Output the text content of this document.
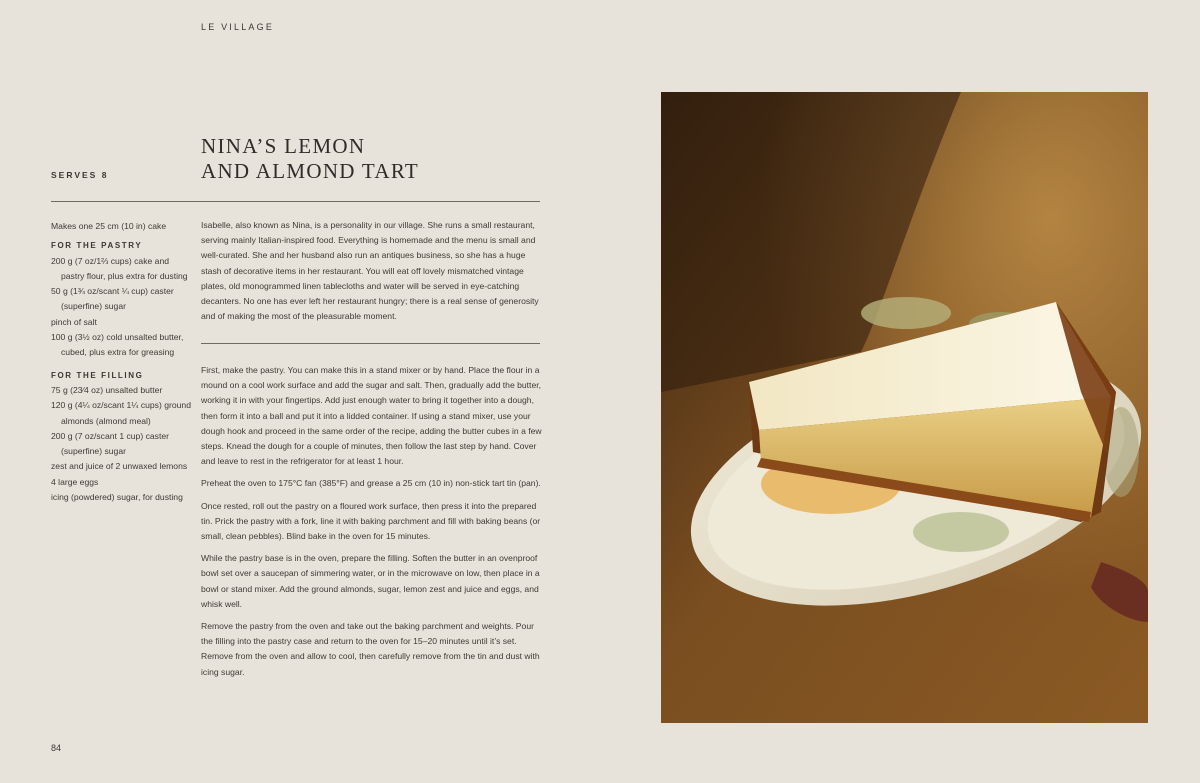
LE VILLAGE
SERVES 8
NINA’S LEMON
AND ALMOND TART
Makes one 25 cm (10 in) cake
FOR THE PASTRY
200 g (7 oz/1⅔ cups) cake and pastry flour, plus extra for dusting
50 g (1¾ oz/scant ¼ cup) caster (superfine) sugar
pinch of salt
100 g (3½ oz) cold unsalted butter, cubed, plus extra for greasing
FOR THE FILLING
75 g (23⁄4 oz) unsalted butter
120 g (4¼ oz/scant 1¼ cups) ground almonds (almond meal)
200 g (7 oz/scant 1 cup) caster (superfine) sugar
zest and juice of 2 unwaxed lemons
4 large eggs
icing (powdered) sugar, for dusting

Isabelle, also known as Nina, is a personality in our village. She runs a small restaurant, serving mainly Italian-inspired food. Everything is homemade and the menu is small and well-curated. She and her husband also run an antiques business, so she has a huge stash of decorative items in her restaurant. You will eat off lovely mismatched vintage plates, old monogrammed linen tablecloths and water will be served in eye-catching decanters. No one has ever left her restaurant hungry; there is a real sense of generosity and of making the most of the pleasurable moment.

First, make the pastry. You can make this in a stand mixer or by hand. Place the flour in a mound on a cool work surface and add the sugar and salt. Then, gradually add the butter, working it in with your fingertips. Add just enough water to bring it together into a dough, then form it into a ball and put it into a lidded container. If using a stand mixer, use your dough hook and proceed in the same order of the recipe, adding the butter cubes in a few steps. Knead the dough for a couple of minutes, then follow the last step by hand. Cover and leave to rest in the refrigerator for at least 1 hour.

Preheat the oven to 175°C fan (385°F) and grease a 25 cm (10 in) non-stick tart tin (pan).

Once rested, roll out the pastry on a floured work surface, then press it into the prepared tin. Prick the pastry with a fork, line it with baking parchment and fill with baking beans (or small, clean pebbles). Blind bake in the oven for 15 minutes.

While the pastry base is in the oven, prepare the filling. Soften the butter in an ovenproof bowl set over a saucepan of simmering water, or in the microwave on low, then place in a bowl or stand mixer. Add the ground almonds, sugar, lemon zest and juice and eggs, and whisk well.

Remove the pastry from the oven and take out the baking parchment and weights. Pour the filling into the pastry case and return to the oven for 15–20 minutes until it’s set. Remove from the oven and allow to cool, then carefully remove from the tin and dust with icing sugar.

84
